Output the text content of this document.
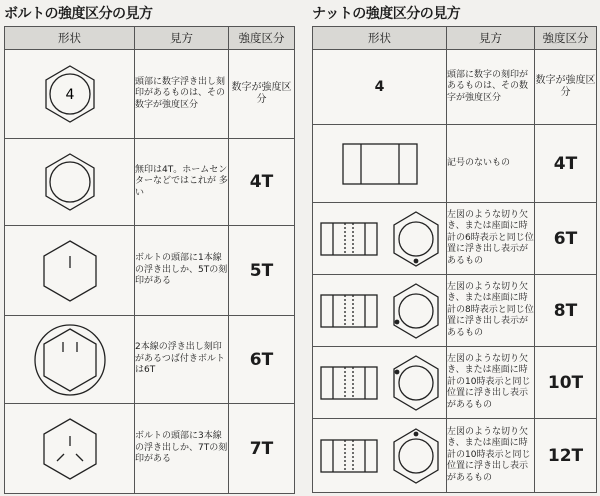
ボルトの強度区分の見方
形状	見方	強度区分

4	頭部に数字浮き出し刻印があるものは、その数字が強度区分	数字が強度区分

	無印は4T。ホームセンターなどではこれが 多い	4T

	ボルトの頭部に1本線の浮き出しか、5Tの刻印がある	5T

	2本線の浮き出し刻印があるつば付きボルトは6T	6T

	ボルトの頭部に3本線の浮き出しか、7Tの刻印がある	7T
ナットの強度区分の見方
形状	見方	強度区分
4	頭部に数字の刻印があるものは、その数字が強度区分	数字が強度区分

	記号のないもの	4T

	左図のような切り欠き、または座面に時計の6時表示と同じ位置に浮き出し表示があるもの	6T

	左図のような切り欠き、または座面に時計の8時表示と同じ位置に浮き出し表示があるもの	8T

	左図のような切り欠き、または座面に時計の10時表示と同じ位置に浮き出し表示があるもの	10T

	左図のような切り欠き、または座面に時計の10時表示と同じ位置に浮き出し表示があるもの	12T
